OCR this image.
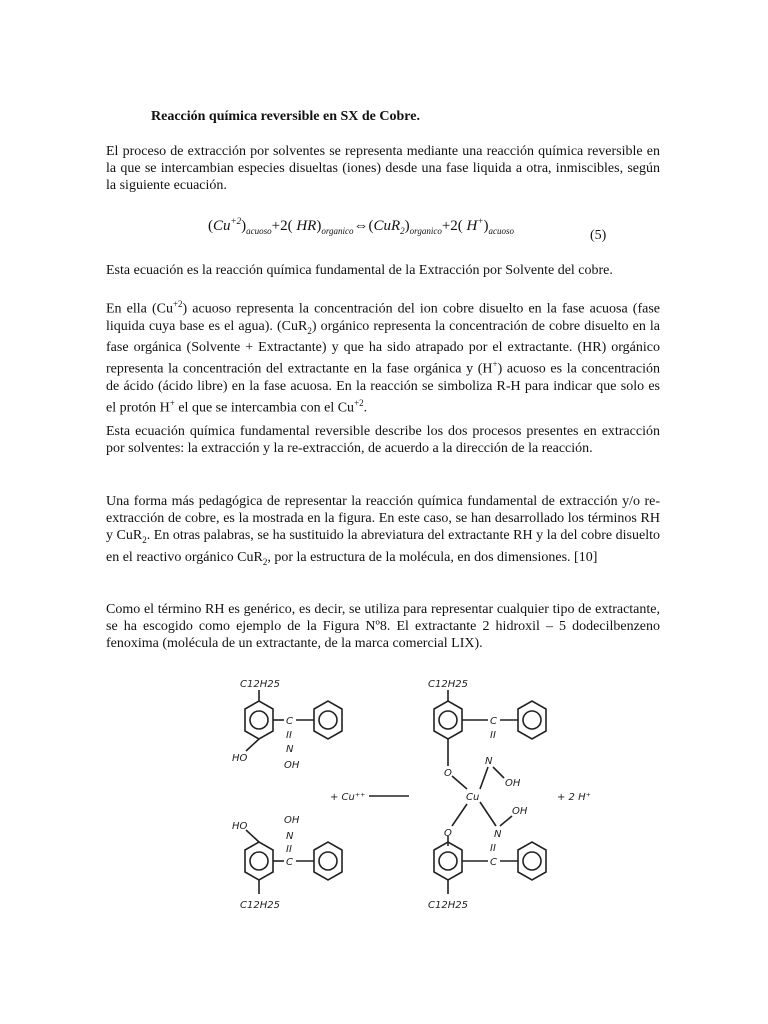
Reacción química reversible en SX de Cobre.

El proceso de extracción por solventes se representa mediante una reacción química reversible en la que se intercambian especies disueltas (iones) desde una fase liquida a otra, inmiscibles, según la siguiente ecuación.

$(Cu^{+2})_{acuoso}+2$( $HR)_{organico}\Leftrightarrow(CuR_2)_{organico}+2$( $H^+)_{acuoso}$	(5)

Esta ecuación es la reacción química fundamental de la Extracción por Solvente del cobre.

En ella $(Cu^{+2})$ acuoso representa la concentración del ion cobre disuelto en la fase acuosa (fase liquida cuya base es el agua). (CuR$_2$) orgánico representa la concentración de cobre disuelto en la fase orgánica (Solvente + Extractante) y que ha sido atrapado por el extractante. (HR) orgánico representa la concentración del extractante en la fase orgánica y (H+) acuoso es la concentración de ácido (ácido libre) en la fase acuosa. En la reacción se simboliza R-H para indicar que solo es el protón H+ el que se intercambia con el $Cu^{+2}$.

Esta ecuación química fundamental reversible describe los dos procesos presentes en extracción por solventes: la extracción y la re-extracción, de acuerdo a la dirección de la reacción.

Una forma más pedagógica de representar la reacción química fundamental de extracción y/o re-extracción de cobre, es la mostrada en la figura. En este caso, se han desarrollado los términos RH y CuR$_2$. En otras palabras, se ha sustituido la abreviatura del extractante RH y la del cobre disuelto en el reactivo orgánico CuR$_2$, por la estructura de la molécula, en dos dimensiones. [10]

Como el término RH es genérico, es decir, se utiliza para representar cualquier tipo de extractante, se ha escogido como ejemplo de la Figura Nº8. El extractante 2 hidroxil – 5 dodecilbenzeno fenoxima (molécula de un extractante, de la marca comercial LIX).

C12H25
C
II
N
OH
HO
+ Cu⁺⁺
OH
N
II
C
HO
C12H25
C12H25
C
II
N
OH
O
Cu	+ 2 H⁺
OH
O	N
II
C
C12H25
